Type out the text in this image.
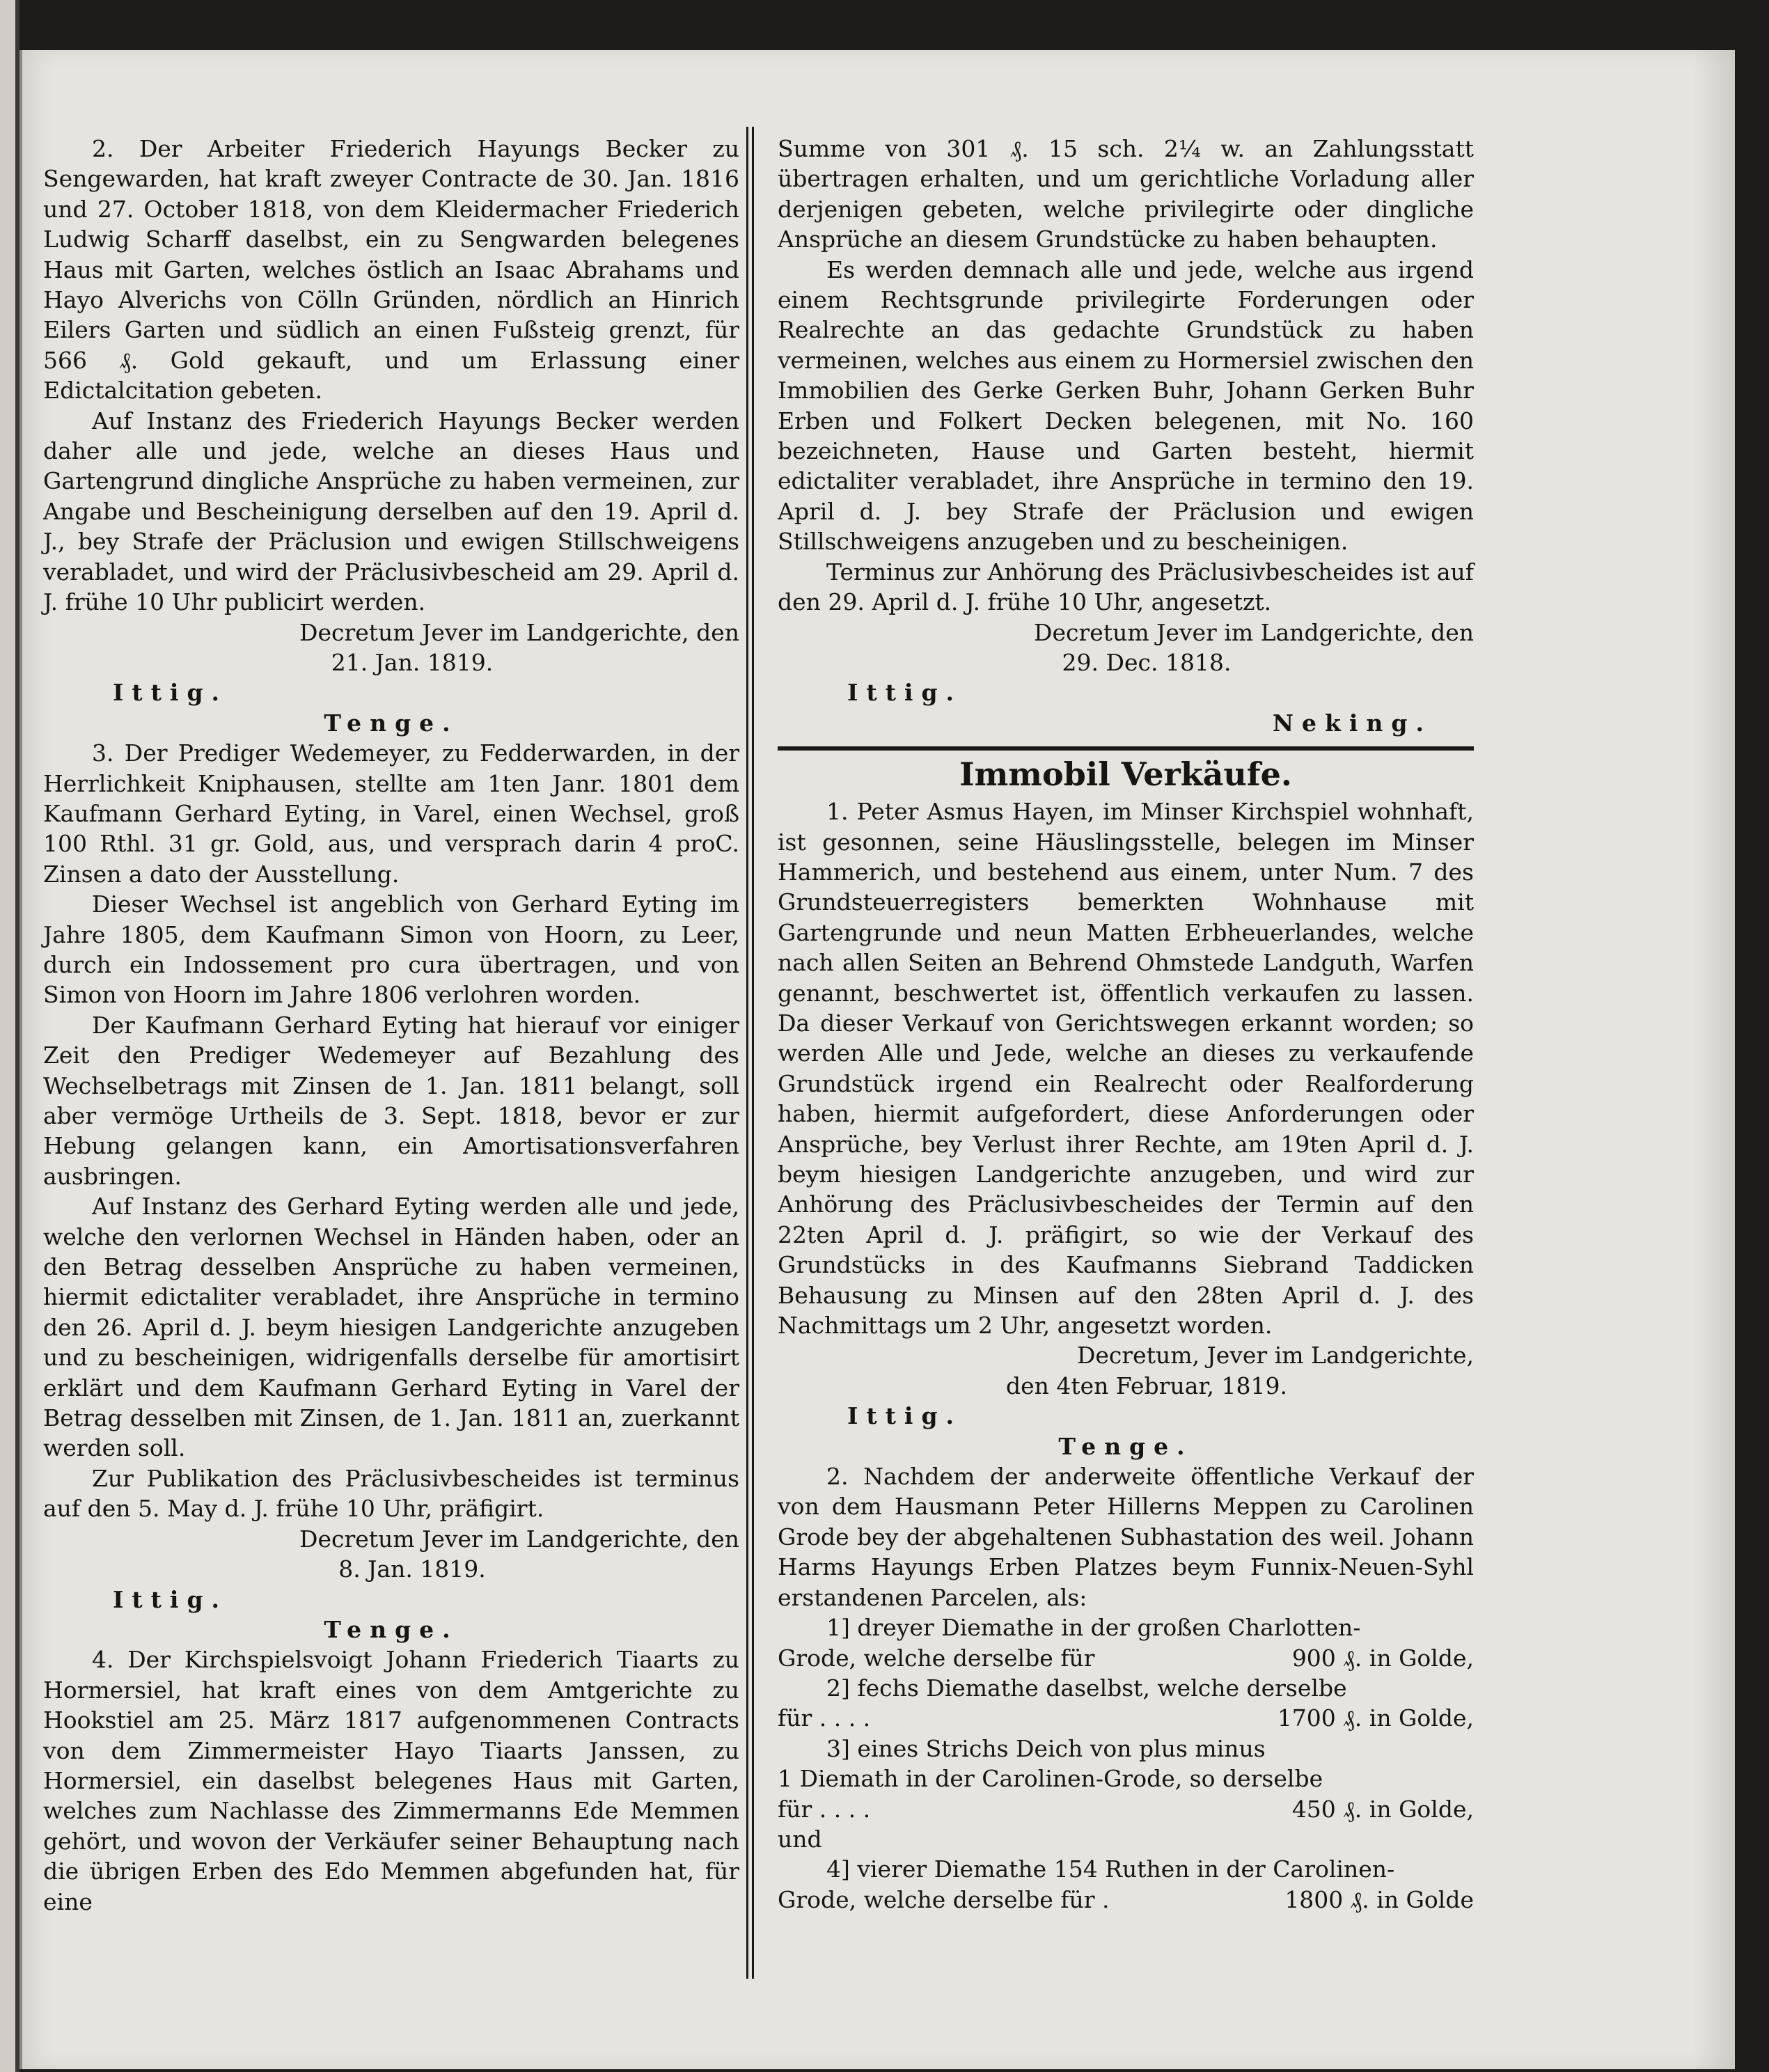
2. Der Arbeiter Friederich Hayungs Becker zu Sengewarden, hat kraft zweyer Contracte de 30. Jan. 1816 und 27. October 1818, von dem Kleidermacher Friederich Ludwig Scharff daselbst, ein zu Sengwarden belegenes Haus mit Garten, welches östlich an Isaac Abrahams und Hayo Alverichs von Cölln Gründen, nördlich an Hinrich Eilers Garten und südlich an einen Fußsteig grenzt, für 566 ₰. Gold gekauft, und um Erlassung einer Edictalcitation gebeten.
Auf Instanz des Friederich Hayungs Becker werden daher alle und jede, welche an dieses Haus und Gartengrund dingliche Ansprüche zu haben vermeinen, zur Angabe und Bescheinigung derselben auf den 19. April d. J., bey Strafe der Präclusion und ewigen Stillschweigens verabladet, und wird der Präclusivbescheid am 29. April d. J. frühe 10 Uhr publicirt werden.
Decretum Jever im Landgerichte, den
21. Jan. 1819.
Ittig.
Tenge.
3. Der Prediger Wedemeyer, zu Fedderwarden, in der Herrlichkeit Kniphausen, stellte am 1ten Janr. 1801 dem Kaufmann Gerhard Eyting, in Varel, einen Wechsel, groß 100 Rthl. 31 gr. Gold, aus, und versprach darin 4 proC. Zinsen a dato der Ausstellung.
Dieser Wechsel ist angeblich von Gerhard Eyting im Jahre 1805, dem Kaufmann Simon von Hoorn, zu Leer, durch ein Indossement pro cura übertragen, und von Simon von Hoorn im Jahre 1806 verlohren worden.
Der Kaufmann Gerhard Eyting hat hierauf vor einiger Zeit den Prediger Wedemeyer auf Bezahlung des Wechselbetrags mit Zinsen de 1. Jan. 1811 belangt, soll aber vermöge Urtheils de 3. Sept. 1818, bevor er zur Hebung gelangen kann, ein Amortisationsverfahren ausbringen.
Auf Instanz des Gerhard Eyting werden alle und jede, welche den verlornen Wechsel in Händen haben, oder an den Betrag desselben Ansprüche zu haben vermeinen, hiermit edictaliter verabladet, ihre Ansprüche in termino den 26. April d. J. beym hiesigen Landgerichte anzugeben und zu bescheinigen, widrigenfalls derselbe für amortisirt erklärt und dem Kaufmann Gerhard Eyting in Varel der Betrag desselben mit Zinsen, de 1. Jan. 1811 an, zuerkannt werden soll.
Zur Publikation des Präclusivbescheides ist terminus auf den 5. May d. J. frühe 10 Uhr, präfigirt.
Decretum Jever im Landgerichte, den
8. Jan. 1819.
Ittig.
Tenge.
4. Der Kirchspielsvoigt Johann Friederich Tiaarts zu Hormersiel, hat kraft eines von dem Amtgerichte zu Hookstiel am 25. März 1817 aufgenommenen Contracts von dem Zimmermeister Hayo Tiaarts Janssen, zu Hormersiel, ein daselbst belegenes Haus mit Garten, welches zum Nachlasse des Zimmermanns Ede Memmen gehört, und wovon der Verkäufer seiner Behauptung nach die übrigen Erben des Edo Memmen abgefunden hat, für eine
Summe von 301 ₰. 15 sch. 2¼ w. an Zahlungsstatt übertragen erhalten, und um gerichtliche Vorladung aller derjenigen gebeten, welche privilegirte oder dingliche Ansprüche an diesem Grundstücke zu haben behaupten.
Es werden demnach alle und jede, welche aus irgend einem Rechtsgrunde privilegirte Forderungen oder Realrechte an das gedachte Grundstück zu haben vermeinen, welches aus einem zu Hormersiel zwischen den Immobilien des Gerke Gerken Buhr, Johann Gerken Buhr Erben und Folkert Decken belegenen, mit No. 160 bezeichneten, Hause und Garten besteht, hiermit edictaliter verabladet, ihre Ansprüche in termino den 19. April d. J. bey Strafe der Präclusion und ewigen Stillschweigens anzugeben und zu bescheinigen.
Terminus zur Anhörung des Präclusivbescheides ist auf den 29. April d. J. frühe 10 Uhr, angesetzt.
Decretum Jever im Landgerichte, den
29. Dec. 1818.
Ittig.
Neking.
Immobil Verkäufe.
1. Peter Asmus Hayen, im Minser Kirchspiel wohnhaft, ist gesonnen, seine Häuslingsstelle, belegen im Minser Hammerich, und bestehend aus einem, unter Num. 7 des Grundsteuerregisters bemerkten Wohnhause mit Gartengrunde und neun Matten Erbheuerlandes, welche nach allen Seiten an Behrend Ohmstede Landguth, Warfen genannt, beschwertet ist, öffentlich verkaufen zu lassen. Da dieser Verkauf von Gerichtswegen erkannt worden; so werden Alle und Jede, welche an dieses zu verkaufende Grundstück irgend ein Realrecht oder Realforderung haben, hiermit aufgefordert, diese Anforderungen oder Ansprüche, bey Verlust ihrer Rechte, am 19ten April d. J. beym hiesigen Landgerichte anzugeben, und wird zur Anhörung des Präclusivbescheides der Termin auf den 22ten April d. J. präfigirt, so wie der Verkauf des Grundstücks in des Kaufmanns Siebrand Taddicken Behausung zu Minsen auf den 28ten April d. J. des Nachmittags um 2 Uhr, angesetzt worden.
Decretum, Jever im Landgerichte,
den 4ten Februar, 1819.
Ittig.
Tenge.
2. Nachdem der anderweite öffentliche Verkauf der von dem Hausmann Peter Hillerns Meppen zu Carolinen Grode bey der abgehaltenen Subhastation des weil. Johann Harms Hayungs Erben Platzes beym Funnix-Neuen-Syhl erstandenen Parcelen, als:
1] dreyer Diemathe in der großen Charlotten-
Grode, welche derselbe für	900 ₰. in Golde,
2] fechs Diemathe daselbst, welche derselbe
für . . . .	1700 ₰. in Golde,
3] eines Strichs Deich von plus minus
1 Diemath in der Carolinen-Grode, so derselbe
für . . . .	450 ₰. in Golde,
und
4] vierer Diemathe 154 Ruthen in der Carolinen-
Grode, welche derselbe für .	1800 ₰. in Golde
